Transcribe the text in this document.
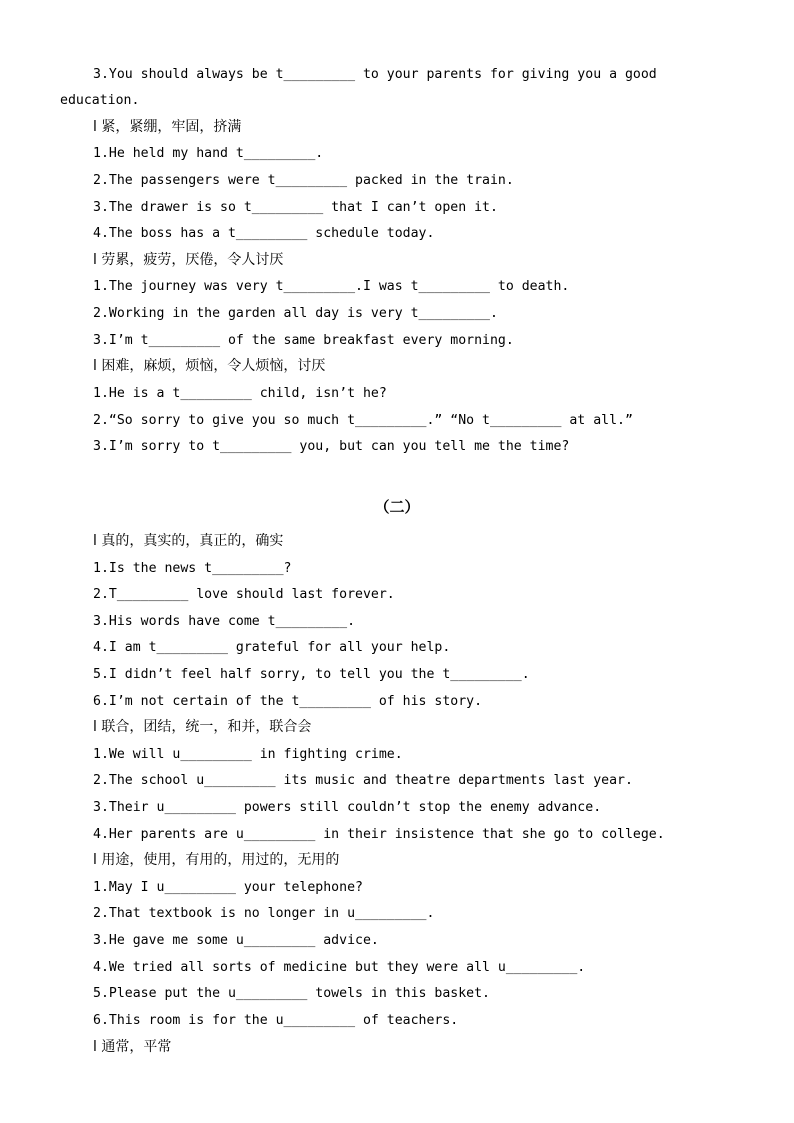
3.You should always be t_________ to your parents for giving you a good
education.
l 紧，紧绷，牢固，挤满
1.He held my hand t_________.
2.The passengers were t_________ packed in the train.
3.The drawer is so t_________ that I can’t open it.
4.The boss has a t_________ schedule today.
l 劳累，疲劳，厌倦，令人讨厌
1.The journey was very t_________.I was t_________ to death.
2.Working in the garden all day is very t_________.
3.I’m t_________ of the same breakfast every morning.
l 困难，麻烦，烦恼，令人烦恼，讨厌
1.He is a t_________ child, isn’t he?
2.“So sorry to give you so much t_________.” “No t_________ at all.”
3.I’m sorry to t_________ you, but can you tell me the time?
（二）
l 真的，真实的，真正的，确实
1.Is the news t_________?
2.T_________ love should last forever.
3.His words have come t_________.
4.I am t_________ grateful for all your help.
5.I didn’t feel half sorry, to tell you the t_________.
6.I’m not certain of the t_________ of his story.
l 联合，团结，统一，和并，联合会
1.We will u_________ in fighting crime.
2.The school u_________ its music and theatre departments last year.
3.Their u_________ powers still couldn’t stop the enemy advance.
4.Her parents are u_________ in their insistence that she go to college.
l 用途，使用，有用的，用过的，无用的
1.May I u_________ your telephone?
2.That textbook is no longer in u_________.
3.He gave me some u_________ advice.
4.We tried all sorts of medicine but they were all u_________.
5.Please put the u_________ towels in this basket.
6.This room is for the u_________ of teachers.
l 通常，平常
